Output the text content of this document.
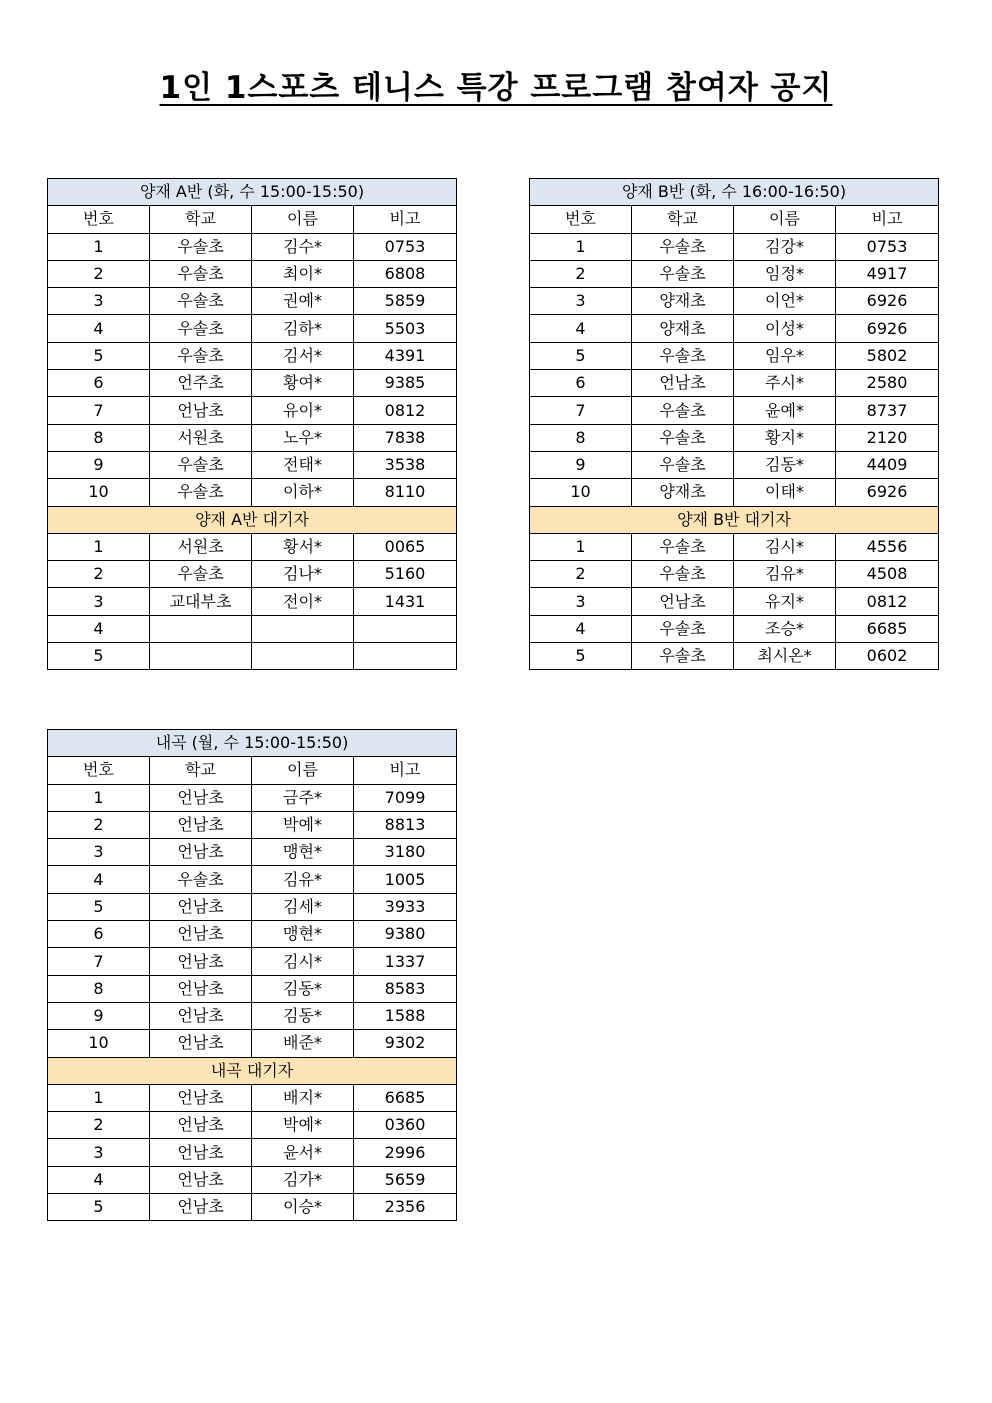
1인 1스포츠 테니스 특강 프로그램 참여자 공지
양재 A반 (화, 수 15:00-15:50)			
번호	학교	이름	비고
1	우솔초	김수*	0753
2	우솔초	최이*	6808
3	우솔초	권예*	5859
4	우솔초	김하*	5503
5	우솔초	김서*	4391
6	언주초	황여*	9385
7	언남초	유이*	0812
8	서원초	노우*	7838
9	우솔초	전태*	3538
10	우솔초	이하*	8110
양재 A반 대기자			
1	서원초	황서*	0065
2	우솔초	김나*	5160
3	교대부초	전이*	1431
4			
5			
양재 B반 (화, 수 16:00-16:50)			
번호	학교	이름	비고
1	우솔초	김강*	0753
2	우솔초	임정*	4917
3	양재초	이언*	6926
4	양재초	이성*	6926
5	우솔초	임우*	5802
6	언남초	주시*	2580
7	우솔초	윤예*	8737
8	우솔초	황지*	2120
9	우솔초	김동*	4409
10	양재초	이태*	6926
양재 B반 대기자			
1	우솔초	김시*	4556
2	우솔초	김유*	4508
3	언남초	유지*	0812
4	우솔초	조승*	6685
5	우솔초	최시온*	0602
내곡 (월, 수 15:00-15:50)			
번호	학교	이름	비고
1	언남초	금주*	7099
2	언남초	박예*	8813
3	언남초	맹현*	3180
4	우솔초	김유*	1005
5	언남초	김세*	3933
6	언남초	맹현*	9380
7	언남초	김시*	1337
8	언남초	김동*	8583
9	언남초	김동*	1588
10	언남초	배준*	9302
내곡 대기자			
1	언남초	배지*	6685
2	언남초	박예*	0360
3	언남초	윤서*	2996
4	언남초	김가*	5659
5	언남초	이승*	2356
